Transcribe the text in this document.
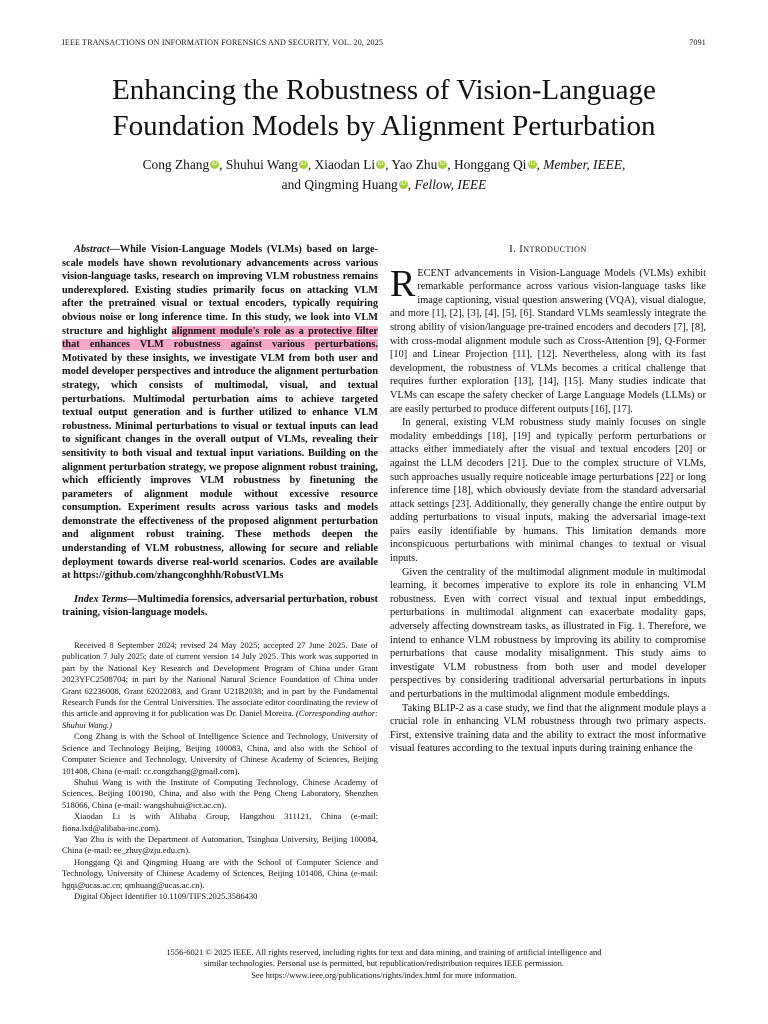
IEEE TRANSACTIONS ON INFORMATION FORENSICS AND SECURITY, VOL. 20, 2025	7091
Enhancing the Robustness of Vision-Language
Foundation Models by Alignment Perturbation
Cong Zhang iD , Shuhui Wang iD , Xiaodan Li iD , Yao Zhu iD , Honggang Qi iD , Member, IEEE,
and Qingming Huang iD , Fellow, IEEE

Abstract—While Vision-Language Models (VLMs) based on large-scale models have shown revolutionary advancements across various vision-language tasks, research on improving VLM robustness remains underexplored. Existing studies primarily focus on attacking VLM after the pretrained visual or textual encoders, typically requiring obvious noise or long inference time. In this study, we look into VLM structure and highlight alignment module's role as a protective filter that enhances VLM robustness against various perturbations. Motivated by these insights, we investigate VLM from both user and model developer perspectives and introduce the alignment perturbation strategy, which consists of multimodal, visual, and textual perturbations. Multimodal perturbation aims to achieve targeted textual output generation and is further utilized to enhance VLM robustness. Minimal perturbations to visual or textual inputs can lead to significant changes in the overall output of VLMs, revealing their sensitivity to both visual and textual input variations. Building on the alignment perturbation strategy, we propose alignment robust training, which efficiently improves VLM robustness by finetuning the parameters of alignment module without excessive resource consumption. Experiment results across various tasks and models demonstrate the effectiveness of the proposed alignment perturbation and alignment robust training. These methods deepen the understanding of VLM robustness, allowing for secure and reliable deployment towards diverse real-world scenarios. Codes are available at https://github.com/zhangconghhh/RobustVLMs

Index Terms—Multimedia forensics, adversarial perturbation, robust training, vision-language models.

Received 8 September 2024; revised 24 May 2025; accepted 27 June 2025. Date of publication 7 July 2025; date of current version 14 July 2025. This work was supported in part by the National Key Research and Development Program of China under Grant 2023YFC2508704; in part by the National Natural Science Foundation of China under Grant 62236008, Grant 62022083, and Grant U21B2038; and in part by the Fundamental Research Funds for the Central Universities. The associate editor coordinating the review of this article and approving it for publication was Dr. Daniel Moreira. (Corresponding author: Shuhui Wang.)

Cong Zhang is with the School of Intelligence Science and Technology, University of Science and Technology Beijing, Beijing 100083, China, and also with the School of Computer Science and Technology, University of Chinese Academy of Sciences, Beijing 101408, China (e-mail: cc.congzhang@gmail.com).

Shuhui Wang is with the Institute of Computing Technology, Chinese Academy of Sciences, Beijing 100190, China, and also with the Peng Cheng Laboratory, Shenzhen 518066, China (e-mail: wangshuhui@ict.ac.cn).

Xiaodan Li is with Alibaba Group, Hangzhou 311121, China (e-mail: fiona.lxd@alibaba-inc.com).

Yao Zhu is with the Department of Automation, Tsinghua University, Beijing 100084, China (e-mail: ee_zhuy@zju.edu.cn).

Honggang Qi and Qingming Huang are with the School of Computer Science and Technology, University of Chinese Academy of Sciences, Beijing 101408, China (e-mail: hgqi@ucas.ac.cn; qmhuang@ucas.ac.cn).

Digital Object Identifier 10.1109/TIFS.2025.3586430

I. INTRODUCTION

RECENT advancements in Vision-Language Models (VLMs) exhibit remarkable performance across various vision-language tasks like image captioning, visual question answering (VQA), visual dialogue, and more [1], [2], [3], [4], [5], [6]. Standard VLMs seamlessly integrate the strong ability of vision/language pre-trained encoders and decoders [7], [8], with cross-modal alignment module such as Cross-Attention [9], Q-Former [10] and Linear Projection [11], [12]. Nevertheless, along with its fast development, the robustness of VLMs becomes a critical challenge that requires further exploration [13], [14], [15]. Many studies indicate that VLMs can escape the safety checker of Large Language Models (LLMs) or are easily perturbed to produce different outputs [16], [17].

In general, existing VLM robustness study mainly focuses on single modality embeddings [18], [19] and typically perform perturbations or attacks either immediately after the visual and textual encoders [20] or against the LLM decoders [21]. Due to the complex structure of VLMs, such approaches usually require noticeable image perturbations [22] or long inference time [18], which obviously deviate from the standard adversarial attack settings [23]. Additionally, they generally change the entire output by adding perturbations to visual inputs, making the adversarial image-text pairs easily identifiable by humans. This limitation demands more inconspicuous perturbations with minimal changes to textual or visual inputs.

Given the centrality of the multimodal alignment module in multimodal learning, it becomes imperative to explore its role in enhancing VLM robustness. Even with correct visual and textual input embeddings, perturbations in multimodal alignment can exacerbate modality gaps, adversely affecting downstream tasks, as illustrated in Fig. 1. Therefore, we intend to enhance VLM robustness by improving its ability to compromise perturbations that cause modality misalignment. This study aims to investigate VLM robustness from both user and model developer perspectives by considering traditional adversarial perturbations in inputs and perturbations in the multimodal alignment module embeddings.

Taking BLIP-2 as a case study, we find that the alignment module plays a crucial role in enhancing VLM robustness through two primary aspects. First, extensive training data and the ability to extract the most informative visual features according to the textual inputs during training enhance the

1556-6021 © 2025 IEEE. All rights reserved, including rights for text and data mining, and training of artificial intelligence and
similar technologies. Personal use is permitted, but republication/redistribution requires IEEE permission.
See https://www.ieee.org/publications/rights/index.html for more information.
